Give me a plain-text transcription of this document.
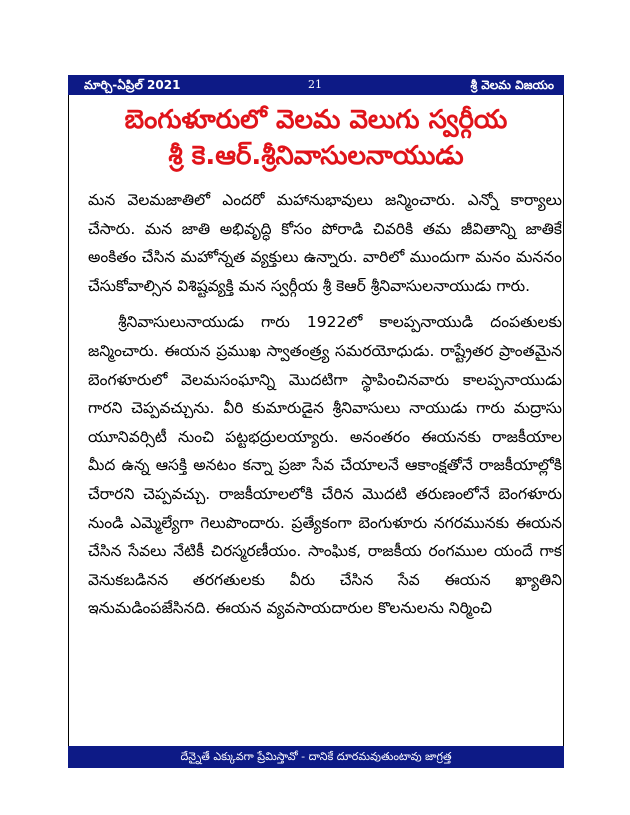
మార్చి-ఏప్రిల్ 2021	21	శ్రీ వెలమ విజయం
బెంగుళూరులో వెలమ వెలుగు స్వర్గీయ
శ్రీ కె.ఆర్.శ్రీనివాసులనాయుడు

మన వెలమజాతిలో ఎందరో మహానుభావులు జన్మించారు. ఎన్నో కార్యాలు చేసారు. మన జాతి అభివృద్ధి కోసం పోరాడి చివరికి తమ జీవితాన్ని జాతికే అంకితం చేసిన మహోన్నత వ్యక్తులు ఉన్నారు. వారిలో ముందుగా మనం మననం చేసుకోవాల్సిన విశిష్టవ్యక్తి మన స్వర్గీయ శ్రీ కెఆర్ శ్రీనివాసులనాయుడు గారు.

శ్రీనివాసులునాయుడు గారు 1922లో కాలప్పనాయుడి దంపతులకు జన్మించారు. ఈయన ప్రముఖ స్వాతంత్ర్య సమరయోధుడు. రాష్ట్రేతర ప్రాంతమైన బెంగళూరులో వెలమసంఘాన్ని మొదటిగా స్థాపించినవారు కాలప్పనాయుడు గారని చెప్పవచ్చును. వీరి కుమారుడైన శ్రీనివాసులు నాయుడు గారు మద్రాసు యూనివర్సిటీ నుంచి పట్టభద్రులయ్యారు. అనంతరం ఈయనకు రాజకీయాల మీద ఉన్న ఆసక్తి అనటం కన్నా ప్రజా సేవ చేయాలనే ఆకాంక్షతోనే రాజకీయాల్లోకి చేరారని చెప్పవచ్చు. రాజకీయాలలోకి చేరిన మొదటి తరుణంలోనే బెంగళూరు నుండి ఎమ్మెల్యేగా గెలుపొందారు. ప్రత్యేకంగా బెంగుళూరు నగరమునకు ఈయన చేసిన సేవలు నేటికీ చిరస్మరణీయం. సాంఘిక, రాజకీయ రంగముల యందే గాక వెనుకబడినన తరగతులకు వీరు చేసిన సేవ ఈయన ఖ్యాతిని ఇనుమడింపజేసినది. ఈయన వ్యవసాయదారుల కొలనులను నిర్మించి

దేన్నైతే ఎక్కువగా ప్రేమిస్తావో - దానికే దూరమవుతుంటావు జాగ్రత్త
